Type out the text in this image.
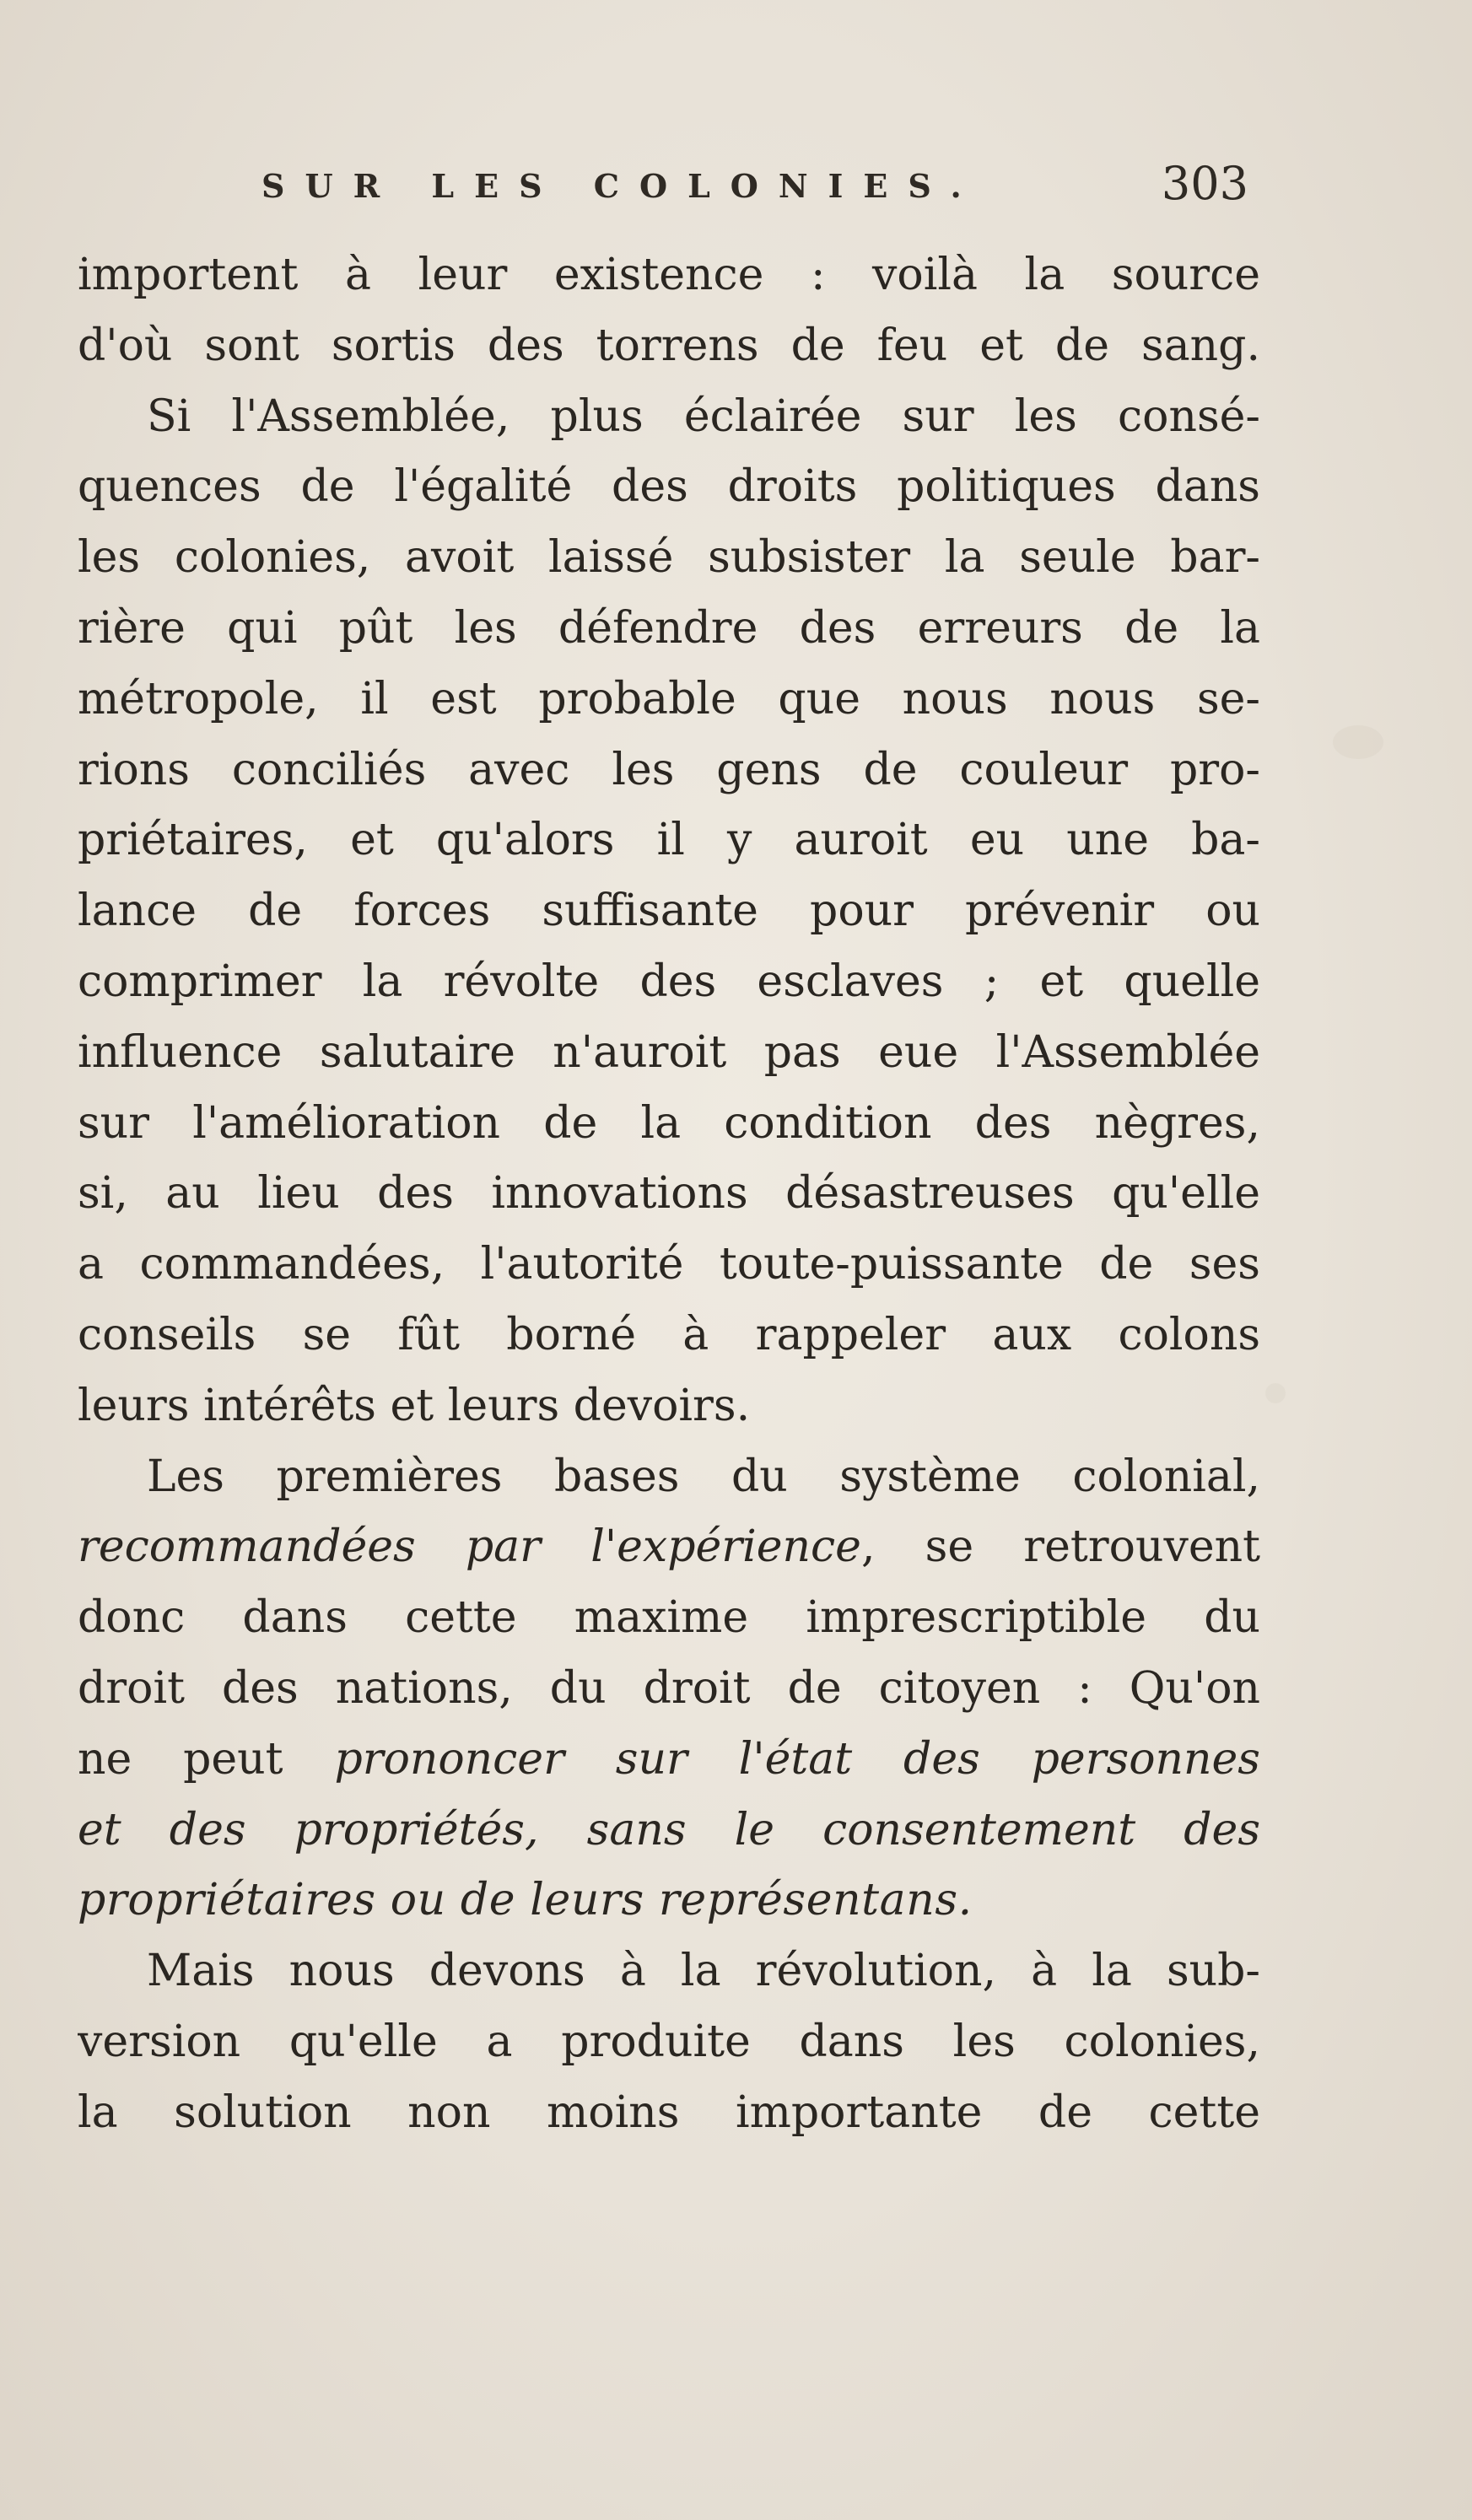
SUR LES COLONIES.	303
importent à leur existence : voilà la source
d'où sont sortis des torrens de feu et de sang.
Si l'Assemblée, plus éclairée sur les consé-
quences de l'égalité des droits politiques dans
les colonies, avoit laissé subsister la seule bar-
rière qui pût les défendre des erreurs de la
métropole, il est probable que nous nous se-
rions conciliés avec les gens de couleur pro-
priétaires, et qu'alors il y auroit eu une ba-
lance de forces suffisante pour prévenir ou
comprimer la révolte des esclaves ; et quelle
influence salutaire n'auroit pas eue l'Assemblée
sur l'amélioration de la condition des nègres,
si, au lieu des innovations désastreuses qu'elle
a commandées, l'autorité toute-puissante de ses
conseils se fût borné à rappeler aux colons
leurs intérêts et leurs devoirs.
Les premières bases du système colonial,
recommandées par l'expérience, se retrouvent
donc dans cette maxime imprescriptible du
droit des nations, du droit de citoyen : Qu'on
ne peut prononcer sur l'état des personnes
et des propriétés, sans le consentement des
propriétaires ou de leurs représentans.
Mais nous devons à la révolution, à la sub-
version qu'elle a produite dans les colonies,
la solution non moins importante de cette
